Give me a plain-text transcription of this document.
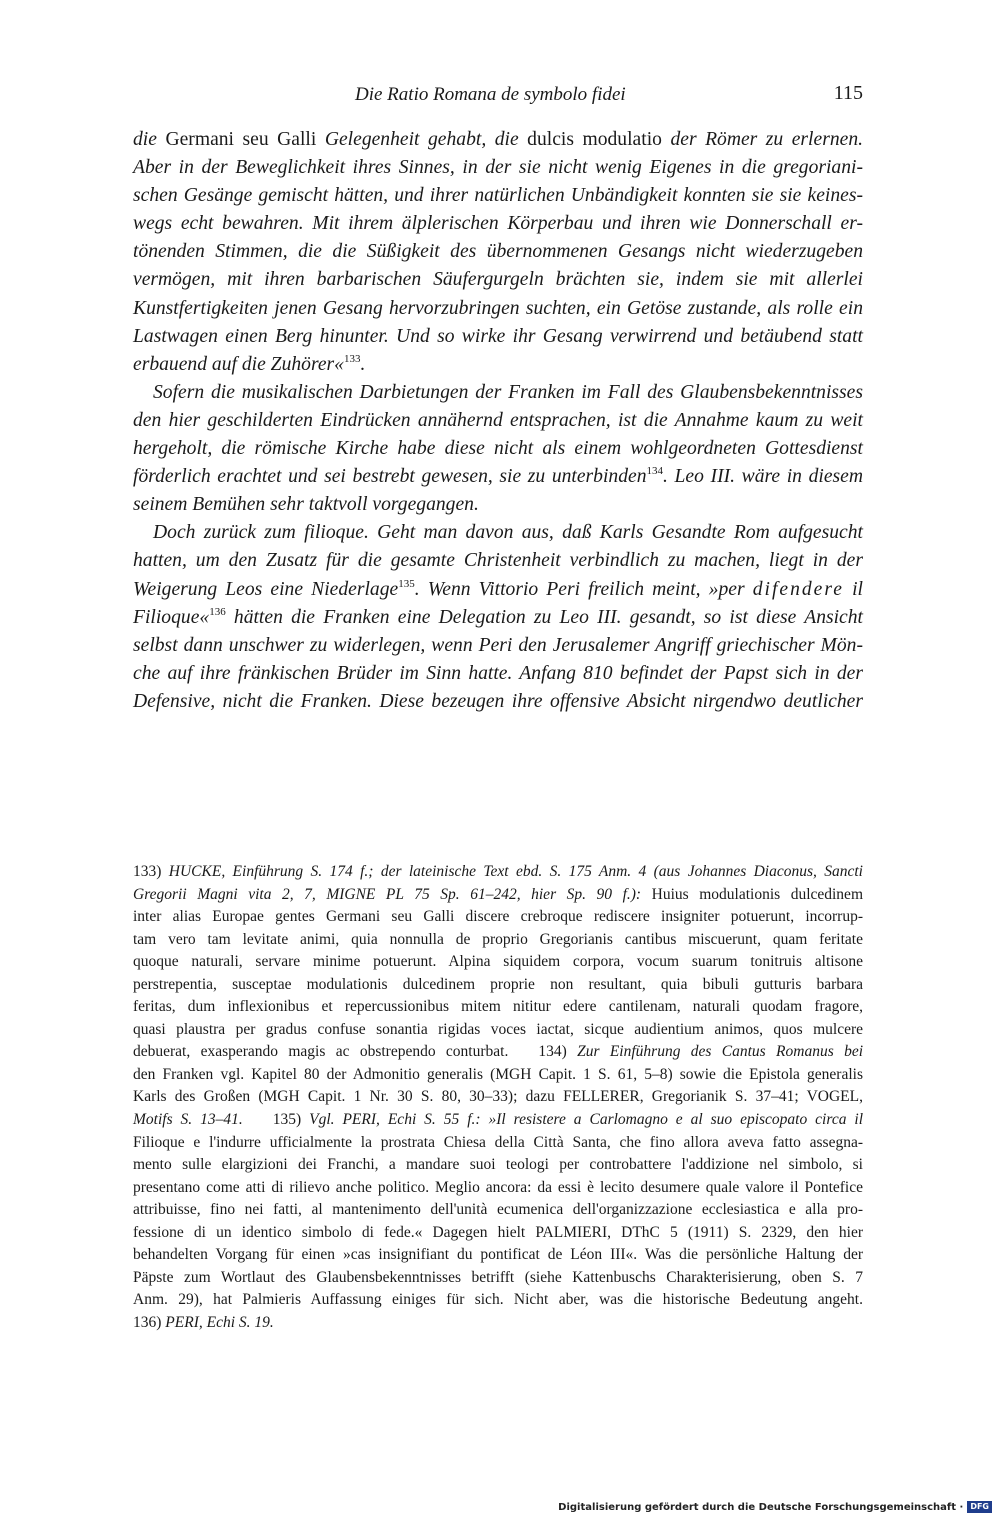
Die Ratio Romana de symbolo fidei	115
die Germani seu Galli Gelegenheit gehabt, die dulcis modulatio der Römer zu erlernen.
Aber in der Beweglichkeit ihres Sinnes, in der sie nicht wenig Eigenes in die gregoriani-
schen Gesänge gemischt hätten, und ihrer natürlichen Unbändigkeit konnten sie sie keines-
wegs echt bewahren. Mit ihrem älplerischen Körperbau und ihren wie Donnerschall er-
tönenden Stimmen, die die Süßigkeit des übernommenen Gesangs nicht wiederzugeben
vermögen, mit ihren barbarischen Säufergurgeln brächten sie, indem sie mit allerlei
Kunstfertigkeiten jenen Gesang hervorzubringen suchten, ein Getöse zustande, als rolle ein
Lastwagen einen Berg hinunter. Und so wirke ihr Gesang verwirrend und betäubend statt
erbauend auf die Zuhörer«$^{133}$.
Sofern die musikalischen Darbietungen der Franken im Fall des Glaubensbekenntnisses
den hier geschilderten Eindrücken annähernd entsprachen, ist die Annahme kaum zu weit
hergeholt, die römische Kirche habe diese nicht als einem wohlgeordneten Gottesdienst
förderlich erachtet und sei bestrebt gewesen, sie zu unterbinden$^{134}$. Leo III. wäre in diesem
seinem Bemühen sehr taktvoll vorgegangen.
Doch zurück zum filioque. Geht man davon aus, daß Karls Gesandte Rom aufgesucht
hatten, um den Zusatz für die gesamte Christenheit verbindlich zu machen, liegt in der
Weigerung Leos eine Niederlage$^{135}$. Wenn Vittorio Peri freilich meint, »per difendere il
Filioque«$^{136}$ hätten die Franken eine Delegation zu Leo III. gesandt, so ist diese Ansicht
selbst dann unschwer zu widerlegen, wenn Peri den Jerusalemer Angriff griechischer Mön-
che auf ihre fränkischen Brüder im Sinn hatte. Anfang 810 befindet der Papst sich in der
Defensive, nicht die Franken. Diese bezeugen ihre offensive Absicht nirgendwo deutlicher
133) HUCKE, Einführung S. 174 f.; der lateinische Text ebd. S. 175 Anm. 4 (aus Johannes Diaconus, Sancti
Gregorii Magni vita 2, 7, MIGNE PL 75 Sp. 61–242, hier Sp. 90 f.): Huius modulationis dulcedinem
inter alias Europae gentes Germani seu Galli discere crebroque rediscere insigniter potuerunt, incorrup-
tam vero tam levitate animi, quia nonnulla de proprio Gregorianis cantibus miscuerunt, quam feritate
quoque naturali, servare minime potuerunt. Alpina siquidem corpora, vocum suarum tonitruis altisone
perstrepentia, susceptae modulationis dulcedinem proprie non resultant, quia bibuli gutturis barbara
feritas, dum inflexionibus et repercussionibus mitem nititur edere cantilenam, naturali quodam fragore,
quasi plaustra per gradus confuse sonantia rigidas voces iactat, sicque audientium animos, quos mulcere
debuerat, exasperando magis ac obstrependo conturbat. 134) Zur Einführung des Cantus Romanus bei
den Franken vgl. Kapitel 80 der Admonitio generalis (MGH Capit. 1 S. 61, 5–8) sowie die Epistola generalis
Karls des Großen (MGH Capit. 1 Nr. 30 S. 80, 30–33); dazu FELLERER, Gregorianik S. 37–41; VOGEL,
Motifs S. 13–41. 135) Vgl. PERI, Echi S. 55 f.: »Il resistere a Carlomagno e al suo episcopato circa il
Filioque e l'indurre ufficialmente la prostrata Chiesa della Città Santa, che fino allora aveva fatto assegna-
mento sulle elargizioni dei Franchi, a mandare suoi teologi per controbattere l'addizione nel simbolo, si
presentano come atti di rilievo anche politico. Meglio ancora: da essi è lecito desumere quale valore il Pontefice
attribuisse, fino nei fatti, al mantenimento dell'unità ecumenica dell'organizzazione ecclesiastica e alla pro-
fessione di un identico simbolo di fede.« Dagegen hielt PALMIERI, DThC 5 (1911) S. 2329, den hier
behandelten Vorgang für einen »cas insignifiant du pontificat de Léon III«. Was die persönliche Haltung der
Päpste zum Wortlaut des Glaubensbekenntnisses betrifft (siehe Kattenbuschs Charakterisierung, oben S. 7
Anm. 29), hat Palmieris Auffassung einiges für sich. Nicht aber, was die historische Bedeutung angeht.
136) PERI, Echi S. 19.
Digitalisierung gefördert durch die Deutsche Forschungsgemeinschaft · DFG
